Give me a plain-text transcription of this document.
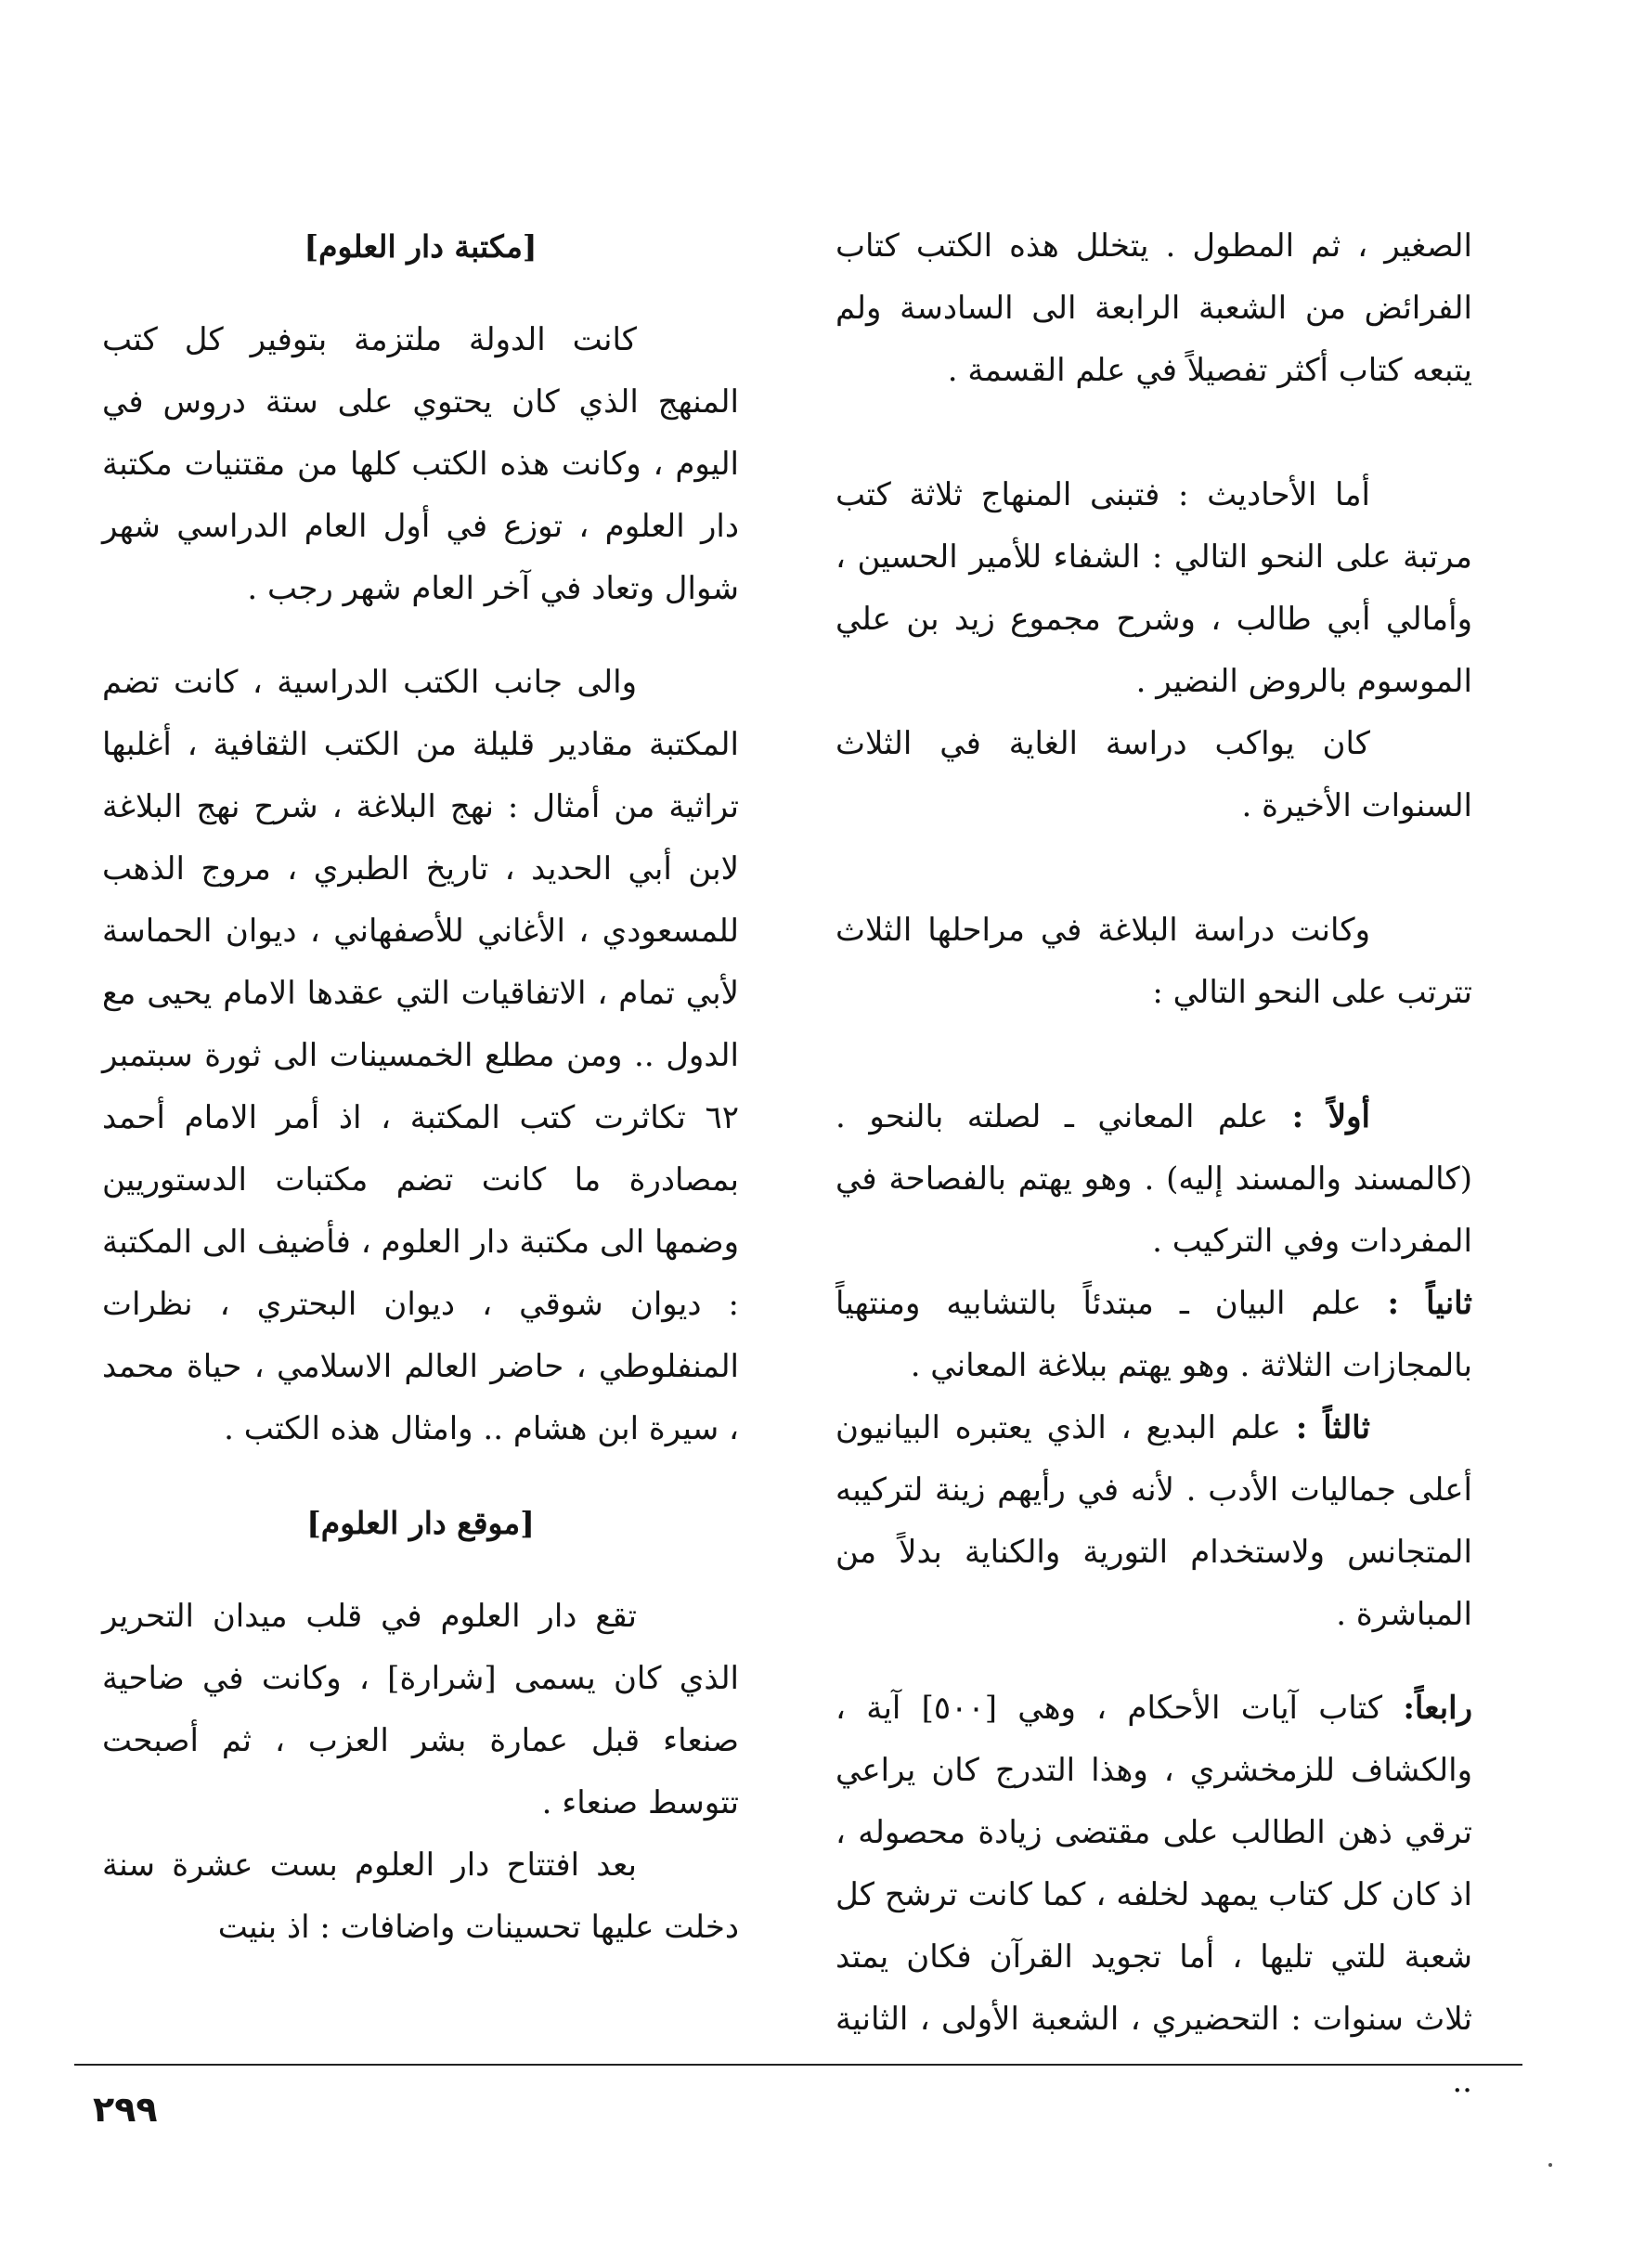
الصغير ، ثم المطول . يتخلل هذه الكتب كتاب الفرائض من الشعبة الرابعة الى السادسة ولم يتبعه كتاب أكثر تفصيلاً في علم القسمة .

أما الأحاديث : فتبنى المنهاج ثلاثة كتب مرتبة على النحو التالي : الشفاء للأمير الحسين ، وأمالي أبي طالب ، وشرح مجموع زيد بن علي الموسوم بالروض النضير .

كان يواكب دراسة الغاية في الثلاث السنوات الأخيرة .

وكانت دراسة البلاغة في مراحلها الثلاث تترتب على النحو التالي :

أولاً : علم المعاني ـ لصلته بالنحو . (كالمسند والمسند إليه) . وهو يهتم بالفصاحة في المفردات وفي التركيب .

ثانياً : علم البيان ـ مبتدئاً بالتشابيه ومنتهياً بالمجازات الثلاثة . وهو يهتم ببلاغة المعاني .

ثالثاً : علم البديع ، الذي يعتبره البيانيون أعلى جماليات الأدب . لأنه في رأيهم زينة لتركيبه المتجانس ولاستخدام التورية والكناية بدلاً من المباشرة .

رابعاً: كتاب آيات الأحكام ، وهي [٥٠٠] آية ، والكشاف للزمخشري ، وهذا التدرج كان يراعي ترقي ذهن الطالب على مقتضى زيادة محصوله ، اذ كان كل كتاب يمهد لخلفه ، كما كانت ترشح كل شعبة للتي تليها ، أما تجويد القرآن فكان يمتد ثلاث سنوات : التحضيري ، الشعبة الأولى ، الثانية ..

[مكتبة دار العلوم]

كانت الدولة ملتزمة بتوفير كل كتب المنهج الذي كان يحتوي على ستة دروس في اليوم ، وكانت هذه الكتب كلها من مقتنيات مكتبة دار العلوم ، توزع في أول العام الدراسي شهر شوال وتعاد في آخر العام شهر رجب .

والى جانب الكتب الدراسية ، كانت تضم المكتبة مقادير قليلة من الكتب الثقافية ، أغلبها تراثية من أمثال : نهج البلاغة ، شرح نهج البلاغة لابن أبي الحديد ، تاريخ الطبري ، مروج الذهب للمسعودي ، الأغاني للأصفهاني ، ديوان الحماسة لأبي تمام ، الاتفاقيات التي عقدها الامام يحيى مع الدول .. ومن مطلع الخمسينات الى ثورة سبتمبر ٦٢ تكاثرت كتب المكتبة ، اذ أمر الامام أحمد بمصادرة ما كانت تضم مكتبات الدستوريين وضمها الى مكتبة دار العلوم ، فأضيف الى المكتبة : ديوان شوقي ، ديوان البحتري ، نظرات المنفلوطي ، حاضر العالم الاسلامي ، حياة محمد ، سيرة ابن هشام .. وامثال هذه الكتب .

[موقع دار العلوم]

تقع دار العلوم في قلب ميدان التحرير الذي كان يسمى [شرارة] ، وكانت في ضاحية صنعاء قبل عمارة بشر العزب ، ثم أصبحت تتوسط صنعاء .

بعد افتتاح دار العلوم بست عشرة سنة دخلت عليها تحسينات واضافات : اذ بنيت

٢٩٩
